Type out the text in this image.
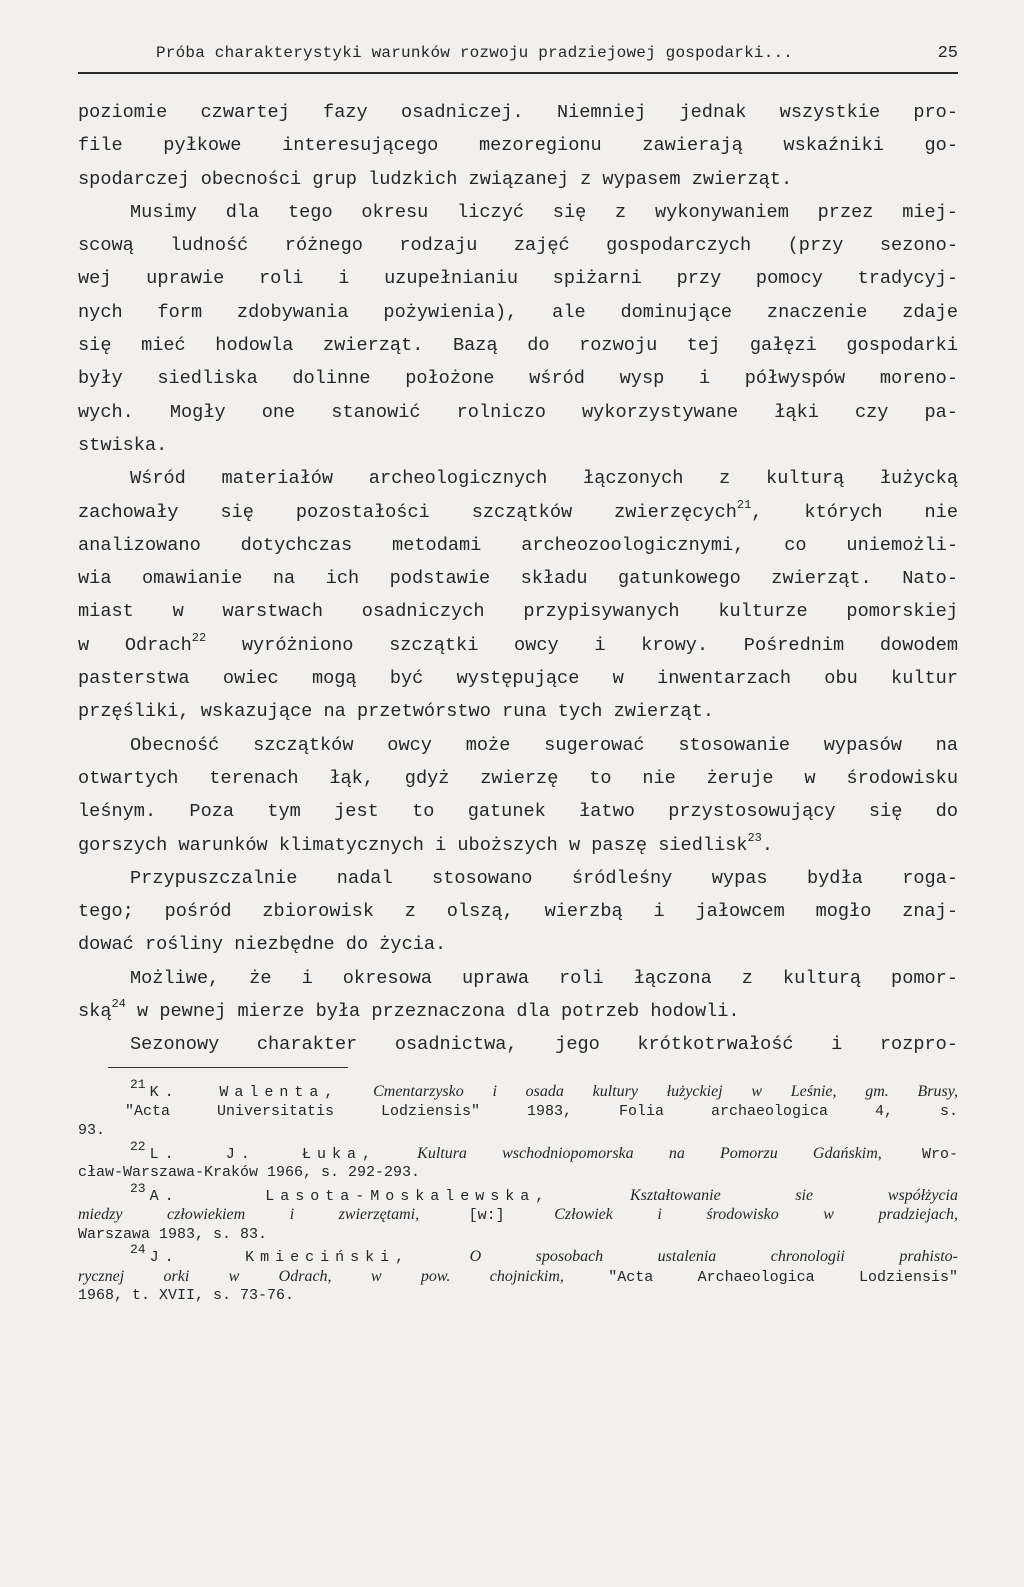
Próba charakterystyki warunków rozwoju pradziejowej gospodarki...	25
poziomie czwartej fazy osadniczej. Niemniej jednak wszystkie pro-
file pyłkowe interesującego mezoregionu zawierają wskaźniki go-
spodarczej obecności grup ludzkich związanej z wypasem zwierząt.
Musimy dla tego okresu liczyć się z wykonywaniem przez miej-
scową ludność różnego rodzaju zajęć gospodarczych (przy sezono-
wej uprawie roli i uzupełnianiu spiżarni przy pomocy tradycyj-
nych form zdobywania pożywienia), ale dominujące znaczenie zdaje
się mieć hodowla zwierząt. Bazą do rozwoju tej gałęzi gospodarki
były siedliska dolinne położone wśród wysp i półwyspów moreno-
wych. Mogły one stanowić rolniczo wykorzystywane łąki czy pa-
stwiska.
Wśród materiałów archeologicznych łączonych z kulturą łużycką
zachowały się pozostałości szczątków zwierzęcych$^{21}$, których nie
analizowano dotychczas metodami archeozoologicznymi, co uniemożli-
wia omawianie na ich podstawie składu gatunkowego zwierząt. Nato-
miast w warstwach osadniczych przypisywanych kulturze pomorskiej
w Odrach$^{22}$ wyróżniono szczątki owcy i krowy. Pośrednim dowodem
pasterstwa owiec mogą być występujące w inwentarzach obu kultur
przęśliki, wskazujące na przetwórstwo runa tych zwierząt.
Obecność szczątków owcy może sugerować stosowanie wypasów na
otwartych terenach łąk, gdyż zwierzę to nie żeruje w środowisku
leśnym. Poza tym jest to gatunek łatwo przystosowujący się do
gorszych warunków klimatycznych i uboższych w paszę siedlisk$^{23}$.
Przypuszczalnie nadal stosowano śródleśny wypas bydła roga-
tego; pośród zbiorowisk z olszą, wierzbą i jałowcem mogło znaj-
dować rośliny niezbędne do życia.
Możliwe, że i okresowa uprawa roli łączona z kulturą pomor-
ską$^{24}$ w pewnej mierze była przeznaczona dla potrzeb hodowli.
Sezonowy charakter osadnictwa, jego krótkotrwałość i rozpro-
21 K. Walenta, Cmentarzysko i osada kultury łużyckiej w Leśnie, gm. Brusy,
"Acta Universitatis Lodziensis" 1983, Folia archaeologica 4, s.
93.
22 L. J. Łuka,	Kultura wschodniopomorska na Pomorzu Gdańskim, Wro-
cław-Warszawa-Kraków 1966, s. 292-293.
23 A. Lasota-Moskalewska,	Kształtowanie sie współżycia
miedzy człowiekiem i zwierzętami, [w:] Człowiek i środowisko w pradziejach,
Warszawa 1983, s. 83.
24 J. Kmieciński,	O sposobach ustalenia chronologii prahisto-
rycznej orki w Odrach, w pow. chojnickim, "Acta Archaeologica Lodziensis"
1968, t. XVII, s. 73-76.
